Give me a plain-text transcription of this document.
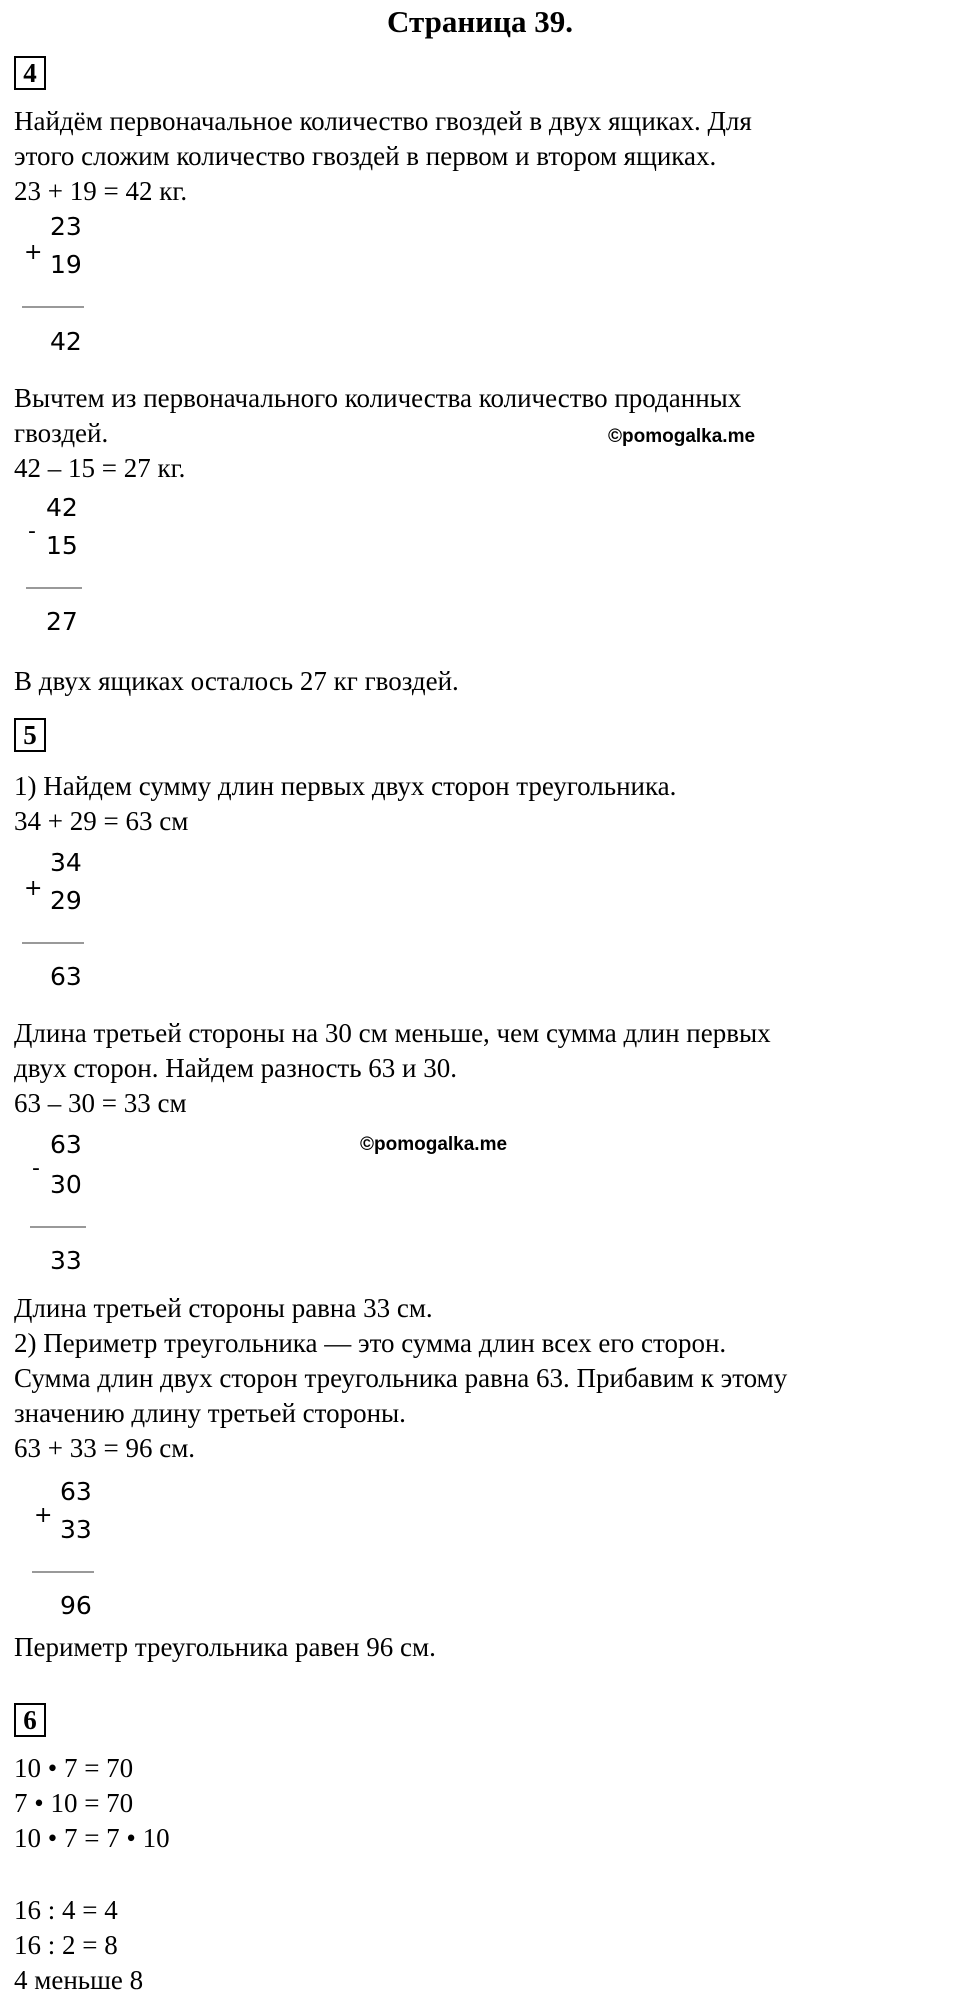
Страница 39.
4
Найдём первоначальное количество гвоздей в двух ящиках. Для
этого сложим количество гвоздей в первом и втором ящиках.
23 + 19 = 42 кг.
+
23
19
42
Вычтем из первоначального количества количество проданных
гвоздей.	©pomogalka.me
42 – 15 = 27 кг.
-
42
15
27
В двух ящиках осталось 27 кг гвоздей.
5
1) Найдем сумму длин первых двух сторон треугольника.
34 + 29 = 63 см
+
34
29
63
Длина третьей стороны на 30 см меньше, чем сумма длин первых
двух сторон. Найдем разность 63 и 30.
63 – 30 = 33 см
©pomogalka.me
-
63
30
33
Длина третьей стороны равна 33 см.
2) Периметр треугольника — это сумма длин всех его сторон.
Сумма длин двух сторон треугольника равна 63. Прибавим к этому
значению длину третьей стороны.
63 + 33 = 96 см.
+
63
33
96
Периметр треугольника равен 96 см.
6
10 • 7 = 70
7 • 10 = 70
10 • 7 = 7 • 10
16 : 4 = 4
16 : 2 = 8
4 меньше 8
